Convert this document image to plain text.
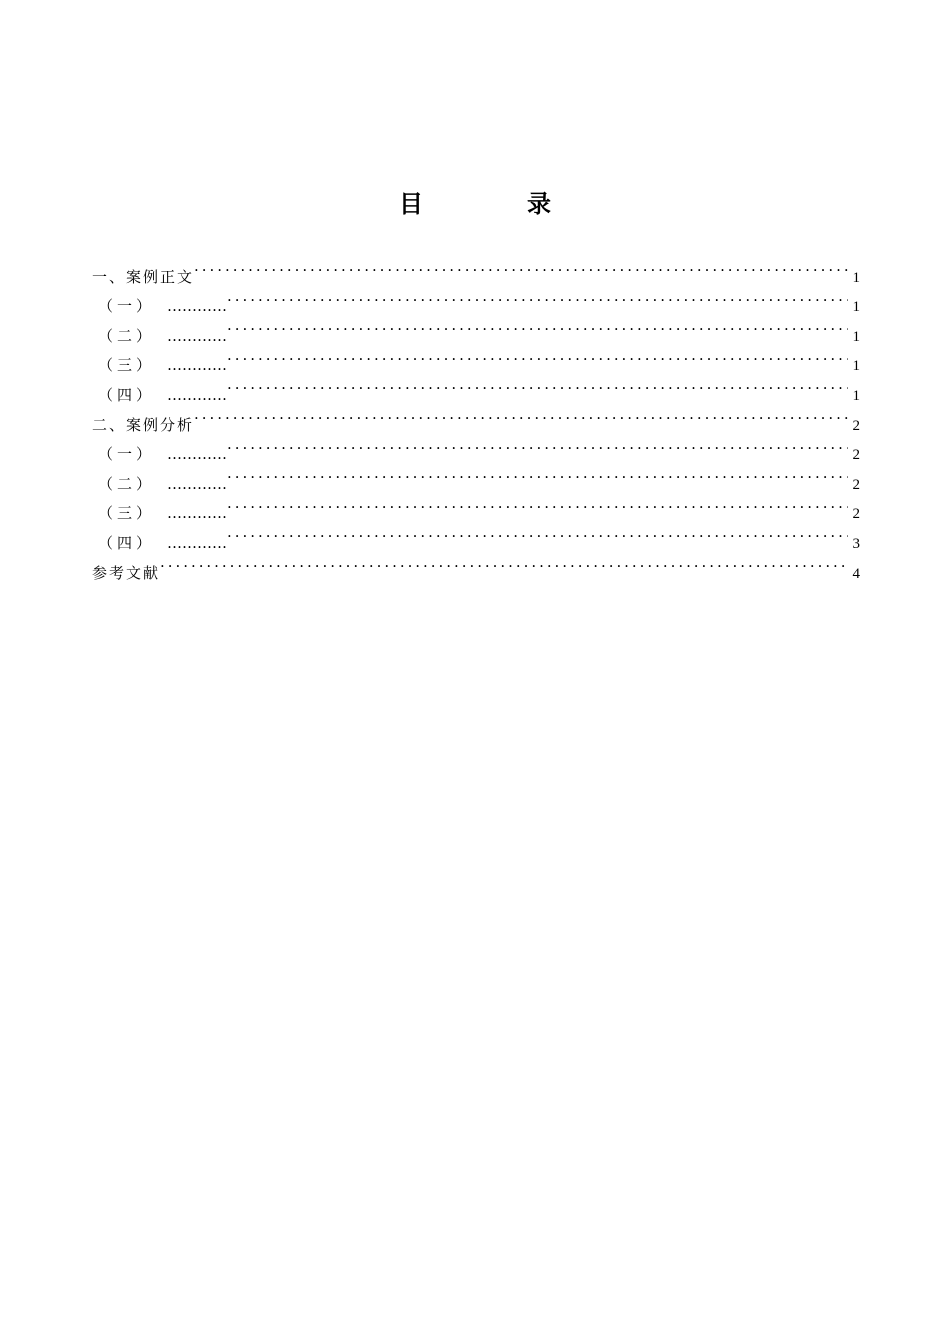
目	录
一、案例正文 . . .	1
（一） ………… . . .	1
（二） ………… . . .	1
（三） ………… . . .	1
（四） ………… . . .	1
二、案例分析 . . .	2
（一） ………… . . .	2
（二） ………… . . .	2
（三） ………… . . .	2
（四） ………… . . .	3
参考文献 . . .	4
